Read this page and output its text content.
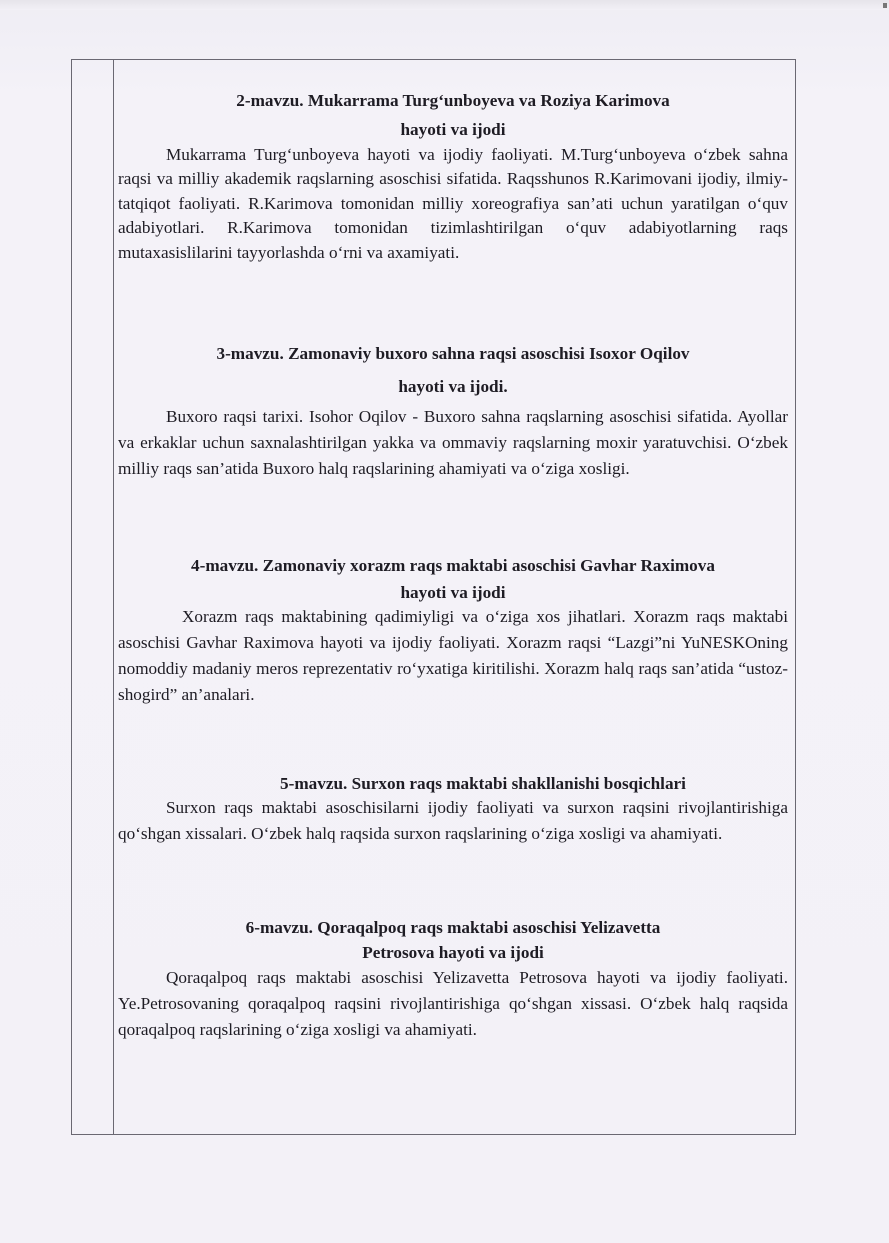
2-mavzu. Mukarrama Turg‘unboyeva va Roziya Karimova

hayoti va ijodi

Mukarrama Turg‘unboyeva hayoti va ijodiy faoliyati. M.Turg‘unboyeva o‘zbek sahna raqsi va milliy akademik raqslarning asoschisi sifatida. Raqsshunos R.Karimovani ijodiy, ilmiy-tatqiqot faoliyati. R.Karimova tomonidan milliy xoreografiya san’ati uchun yaratilgan o‘quv adabiyotlari. R.Karimova tomonidan tizimlashtirilgan o‘quv adabiyotlarning raqs mutaxasislilarini tayyorlashda o‘rni va axamiyati.

3-mavzu. Zamonaviy buxoro sahna raqsi asoschisi Isoxor Oqilov

hayoti va ijodi.

Buxoro raqsi tarixi. Isohor Oqilov - Buxoro sahna raqslarning asoschisi sifatida. Ayollar va erkaklar uchun saxnalashtirilgan yakka va ommaviy raqslarning moxir yaratuvchisi. O‘zbek milliy raqs san’atida Buxoro halq raqslarining ahamiyati va o‘ziga xosligi.

4-mavzu. Zamonaviy xorazm raqs maktabi asoschisi Gavhar Raximova

hayoti va ijodi

Xorazm raqs maktabining qadimiyligi va o‘ziga xos jihatlari. Xorazm raqs maktabi asoschisi Gavhar Raximova hayoti va ijodiy faoliyati. Xorazm raqsi “Lazgi”ni YuNESKOning nomoddiy madaniy meros reprezentativ ro‘yxatiga kiritilishi. Xorazm halq raqs san’atida “ustoz-shogird” an’analari.

5-mavzu. Surxon raqs maktabi shakllanishi bosqichlari

Surxon raqs maktabi asoschisilarni ijodiy faoliyati va surxon raqsini rivojlantirishiga qo‘shgan xissalari. O‘zbek halq raqsida surxon raqslarining o‘ziga xosligi va ahamiyati.

6-mavzu. Qoraqalpoq raqs maktabi asoschisi Yelizavetta

Petrosova hayoti va ijodi

Qoraqalpoq raqs maktabi asoschisi Yelizavetta Petrosova hayoti va ijodiy faoliyati. Ye.Petrosovaning qoraqalpoq raqsini rivojlantirishiga qo‘shgan xissasi. O‘zbek halq raqsida qoraqalpoq raqslarining o‘ziga xosligi va ahamiyati.
